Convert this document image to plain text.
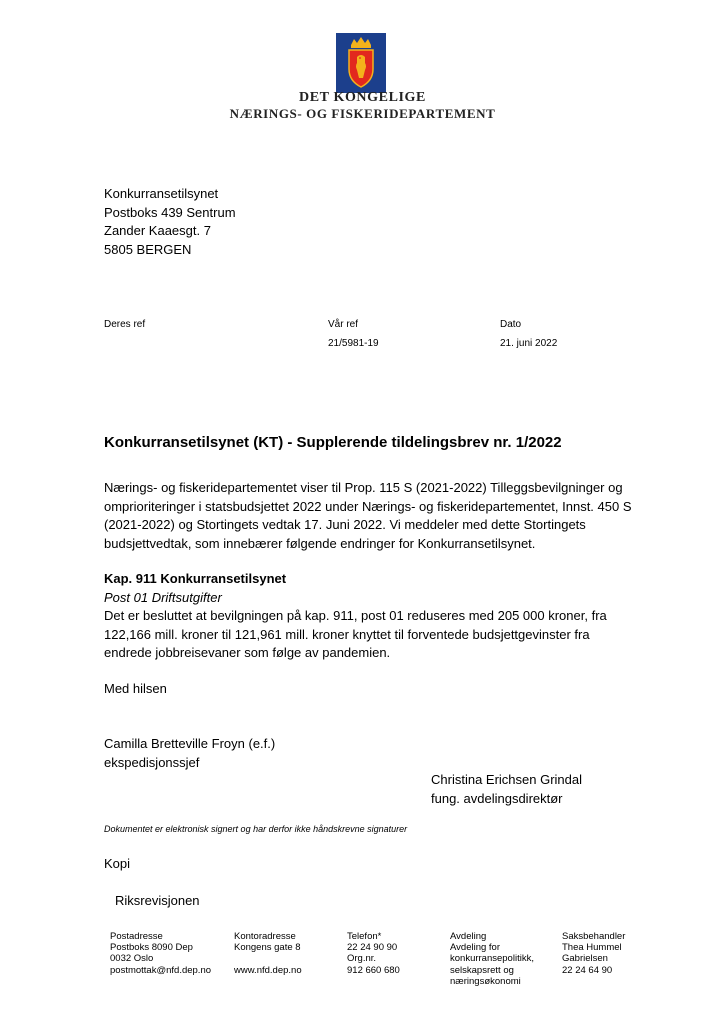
DET KONGELIGE
NÆRINGS- OG FISKERIDEPARTEMENT
Konkurransetilsynet
Postboks 439 Sentrum
Zander Kaaesgt. 7
5805 BERGEN
Deres ref	Vår ref
21/5981-19
Dato
21. juni 2022
Konkurransetilsynet (KT) - Supplerende tildelingsbrev nr. 1/2022
Nærings- og fiskeridepartementet viser til Prop. 115 S (2021-2022) Tilleggsbevilgninger og
omprioriteringer i statsbudsjettet 2022 under Nærings- og fiskeridepartementet, Innst. 450 S
(2021-2022) og Stortingets vedtak 17. Juni 2022. Vi meddeler med dette Stortingets
budsjettvedtak, som innebærer følgende endringer for Konkurransetilsynet.
Kap. 911 Konkurransetilsynet
Post 01 Driftsutgifter
Det er besluttet at bevilgningen på kap. 911, post 01 reduseres med 205 000 kroner, fra
122,166 mill. kroner til 121,961 mill. kroner knyttet til forventede budsjettgevinster fra
endrede jobbreisevaner som følge av pandemien.
Med hilsen
Camilla Bretteville Froyn (e.f.)
ekspedisjonssjef
Christina Erichsen Grindal
fung. avdelingsdirektør
Dokumentet er elektronisk signert og har derfor ikke håndskrevne signaturer
Kopi
Riksrevisjonen
Postadresse
Postboks 8090 Dep
0032 Oslo
postmottak@nfd.dep.no
Kontoradresse
Kongens gate 8
www.nfd.dep.no
Telefon*
22 24 90 90
Org.nr.
912 660 680
Avdeling
Avdeling for
konkurransepolitikk,
selskapsrett og
næringsøkonomi
Saksbehandler
Thea Hummel
Gabrielsen
22 24 64 90
